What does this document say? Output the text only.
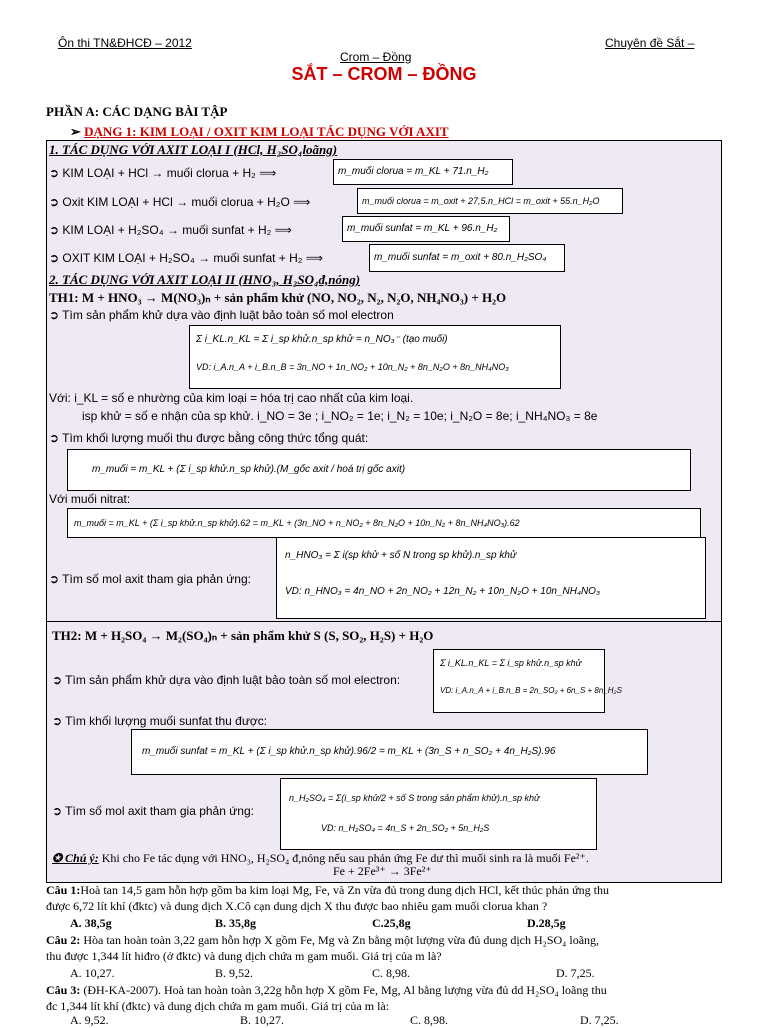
Ôn thi TN&ĐHCĐ – 2012	Chuyên đề Sắt –
Crom – Đồng
SẮT – CROM – ĐỒNG
PHẦN A: CÁC DẠNG BÀI TẬP
➢ DẠNG 1: KIM LOẠI / OXIT KIM LOẠI TÁC DỤNG VỚI AXIT
1. TÁC DỤNG VỚI AXIT LOẠI I (HCl, H₂SO₄loãng)
➲ KIM LOẠI + HCl → muối clorua + H₂ ⟹	m_muối clorua = m_KL + 71.n_H₂
➲ Oxit KIM LOẠI + HCl → muối clorua + H₂O ⟹	m_muối clorua = m_oxit + 27,5.n_HCl = m_oxit + 55.n_H₂O
➲ KIM LOẠI + H₂SO₄ → muối sunfat + H₂ ⟹	m_muối sunfat = m_KL + 96.n_H₂
➲ OXIT KIM LOẠI + H₂SO₄ → muối sunfat + H₂ ⟹	m_muối sunfat = m_oxit + 80.n_H₂SO₄
2. TÁC DỤNG VỚI AXIT LOẠI II (HNO₃, H₂SO₄đ,nóng)
TH1: M + HNO₃ → M(NO₃)ₙ + sản phẩm khử (NO, NO₂, N₂, N₂O, NH₄NO₃) + H₂O
➲ Tìm sản phẩm khử dựa vào định luật bảo toàn số mol electron
Σ i_KL.n_KL = Σ i_sp khử.n_sp khử = n_NO₃⁻ (tạo muối)
VD: i_A.n_A + i_B.n_B = 3n_NO + 1n_NO₂ + 10n_N₂ + 8n_N₂O + 8n_NH₄NO₃
Với: i_KL = số e nhường của kim loại = hóa trị cao nhất của kim loại.
isp khử = số e nhận của sp khử. i_NO = 3e ; i_NO₂ = 1e; i_N₂ = 10e; i_N₂O = 8e; i_NH₄NO₃ = 8e
➲ Tìm khối lượng muối thu được bằng công thức tổng quát:
m_muối = m_KL + (Σ i_sp khử.n_sp khử).(M_gốc axit / hoá trị gốc axit)
Với muối nitrat:
m_muối = m_KL + (Σ i_sp khử.n_sp khử).62 = m_KL + (3n_NO + n_NO₂ + 8n_N₂O + 10n_N₂ + 8n_NH₄NO₃).62
➲ Tìm số mol axit tham gia phản ứng:
n_HNO₃ = Σ i(sp khử + số N trong sp khử).n_sp khử
VD: n_HNO₃ = 4n_NO + 2n_NO₂ + 12n_N₂ + 10n_N₂O + 10n_NH₄NO₃
TH2: M + H₂SO₄ → M₂(SO₄)ₙ + sản phẩm khử S (S, SO₂, H₂S) + H₂O
➲ Tìm sản phẩm khử dựa vào định luật bảo toàn số mol electron:
Σ i_KL.n_KL = Σ i_sp khử.n_sp khử
VD: i_A.n_A + i_B.n_B = 2n_SO₂ + 6n_S + 8n_H₂S
➲ Tìm khối lượng muối sunfat thu được:
m_muối sunfat = m_KL + (Σ i_sp khử.n_sp khử).96/2 = m_KL + (3n_S + n_SO₂ + 4n_H₂S).96
➲ Tìm số mol axit tham gia phản ứng:
n_H₂SO₄ = Σ(i_sp khử/2 + số S trong sản phẩm khử).n_sp khử
VD: n_H₂SO₄ = 4n_S + 2n_SO₂ + 5n_H₂S
✪ Chú ý: Khi cho Fe tác dụng với HNO₃, H₂SO₄ đ,nóng nếu sau phản ứng Fe dư thì muối sinh ra là muối Fe²⁺.
Fe + 2Fe³⁺ → 3Fe²⁺
Câu 1:Hoà tan 14,5 gam hỗn hợp gồm ba kim loại Mg, Fe, và Zn vừa đủ trong dung dịch HCl, kết thúc phản ứng thu
được 6,72 lít khí (đktc) và dung dịch X.Cô cạn dung dịch X thu được bao nhiêu gam muối clorua khan ?
A. 38,5g	B. 35,8g	C.25,8g	D.28,5g
Câu 2: Hòa tan hoàn toàn 3,22 gam hỗn hợp X gồm Fe, Mg và Zn bằng một lượng vừa đủ dung dịch H₂SO₄ loãng,
thu được 1,344 lít hiđro (ở đktc) và dung dịch chứa m gam muối. Giá trị của m là?
A. 10,27.	B. 9,52.	C. 8,98.	D. 7,25.
Câu 3: (ĐH-KA-2007). Hoà tan hoàn toàn 3,22g hỗn hợp X gồm Fe, Mg, Al bằng lượng vừa đủ dd H₂SO₄ loãng thu
đc 1,344 lít khí (đktc) và dung dịch chứa m gam muối. Giá trị của m là:
A. 9,52.	B. 10,27.	C. 8,98.	D. 7,25.
